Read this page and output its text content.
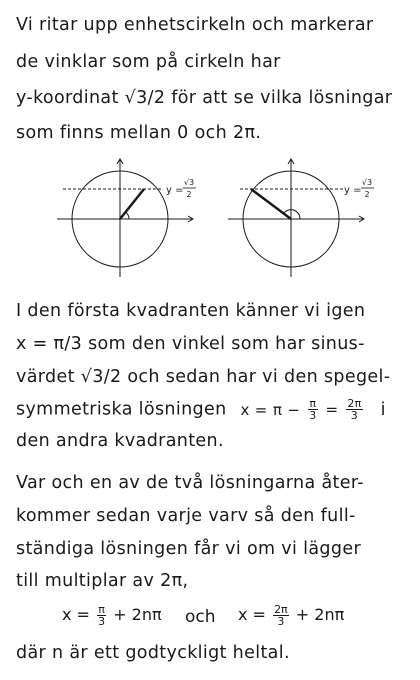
Vi ritar upp enhetscirkeln och markerar
de vinklar som på cirkeln har
y-koordinat √3/2 för att se vilka lösningar
som finns mellan 0 och 2π.
y =
√3
2	y =
√3
2
I den första kvadranten känner vi igen
x = π/3 som den vinkel som har sinus-
värdet √3/2 och sedan har vi den spegel-
symmetriska lösningen $x = \pi - \frac{\pi}{3} = \frac{2\pi}{3}$ i
den andra kvadranten.
Var och en av de två lösningarna åter-
kommer sedan varje varv så den full-
ständiga lösningen får vi om vi lägger
till multiplar av 2π,
$x = \frac{\pi}{3} + 2n\pi$ och $x = \frac{2\pi}{3} + 2n\pi$
där n är ett godtyckligt heltal.
